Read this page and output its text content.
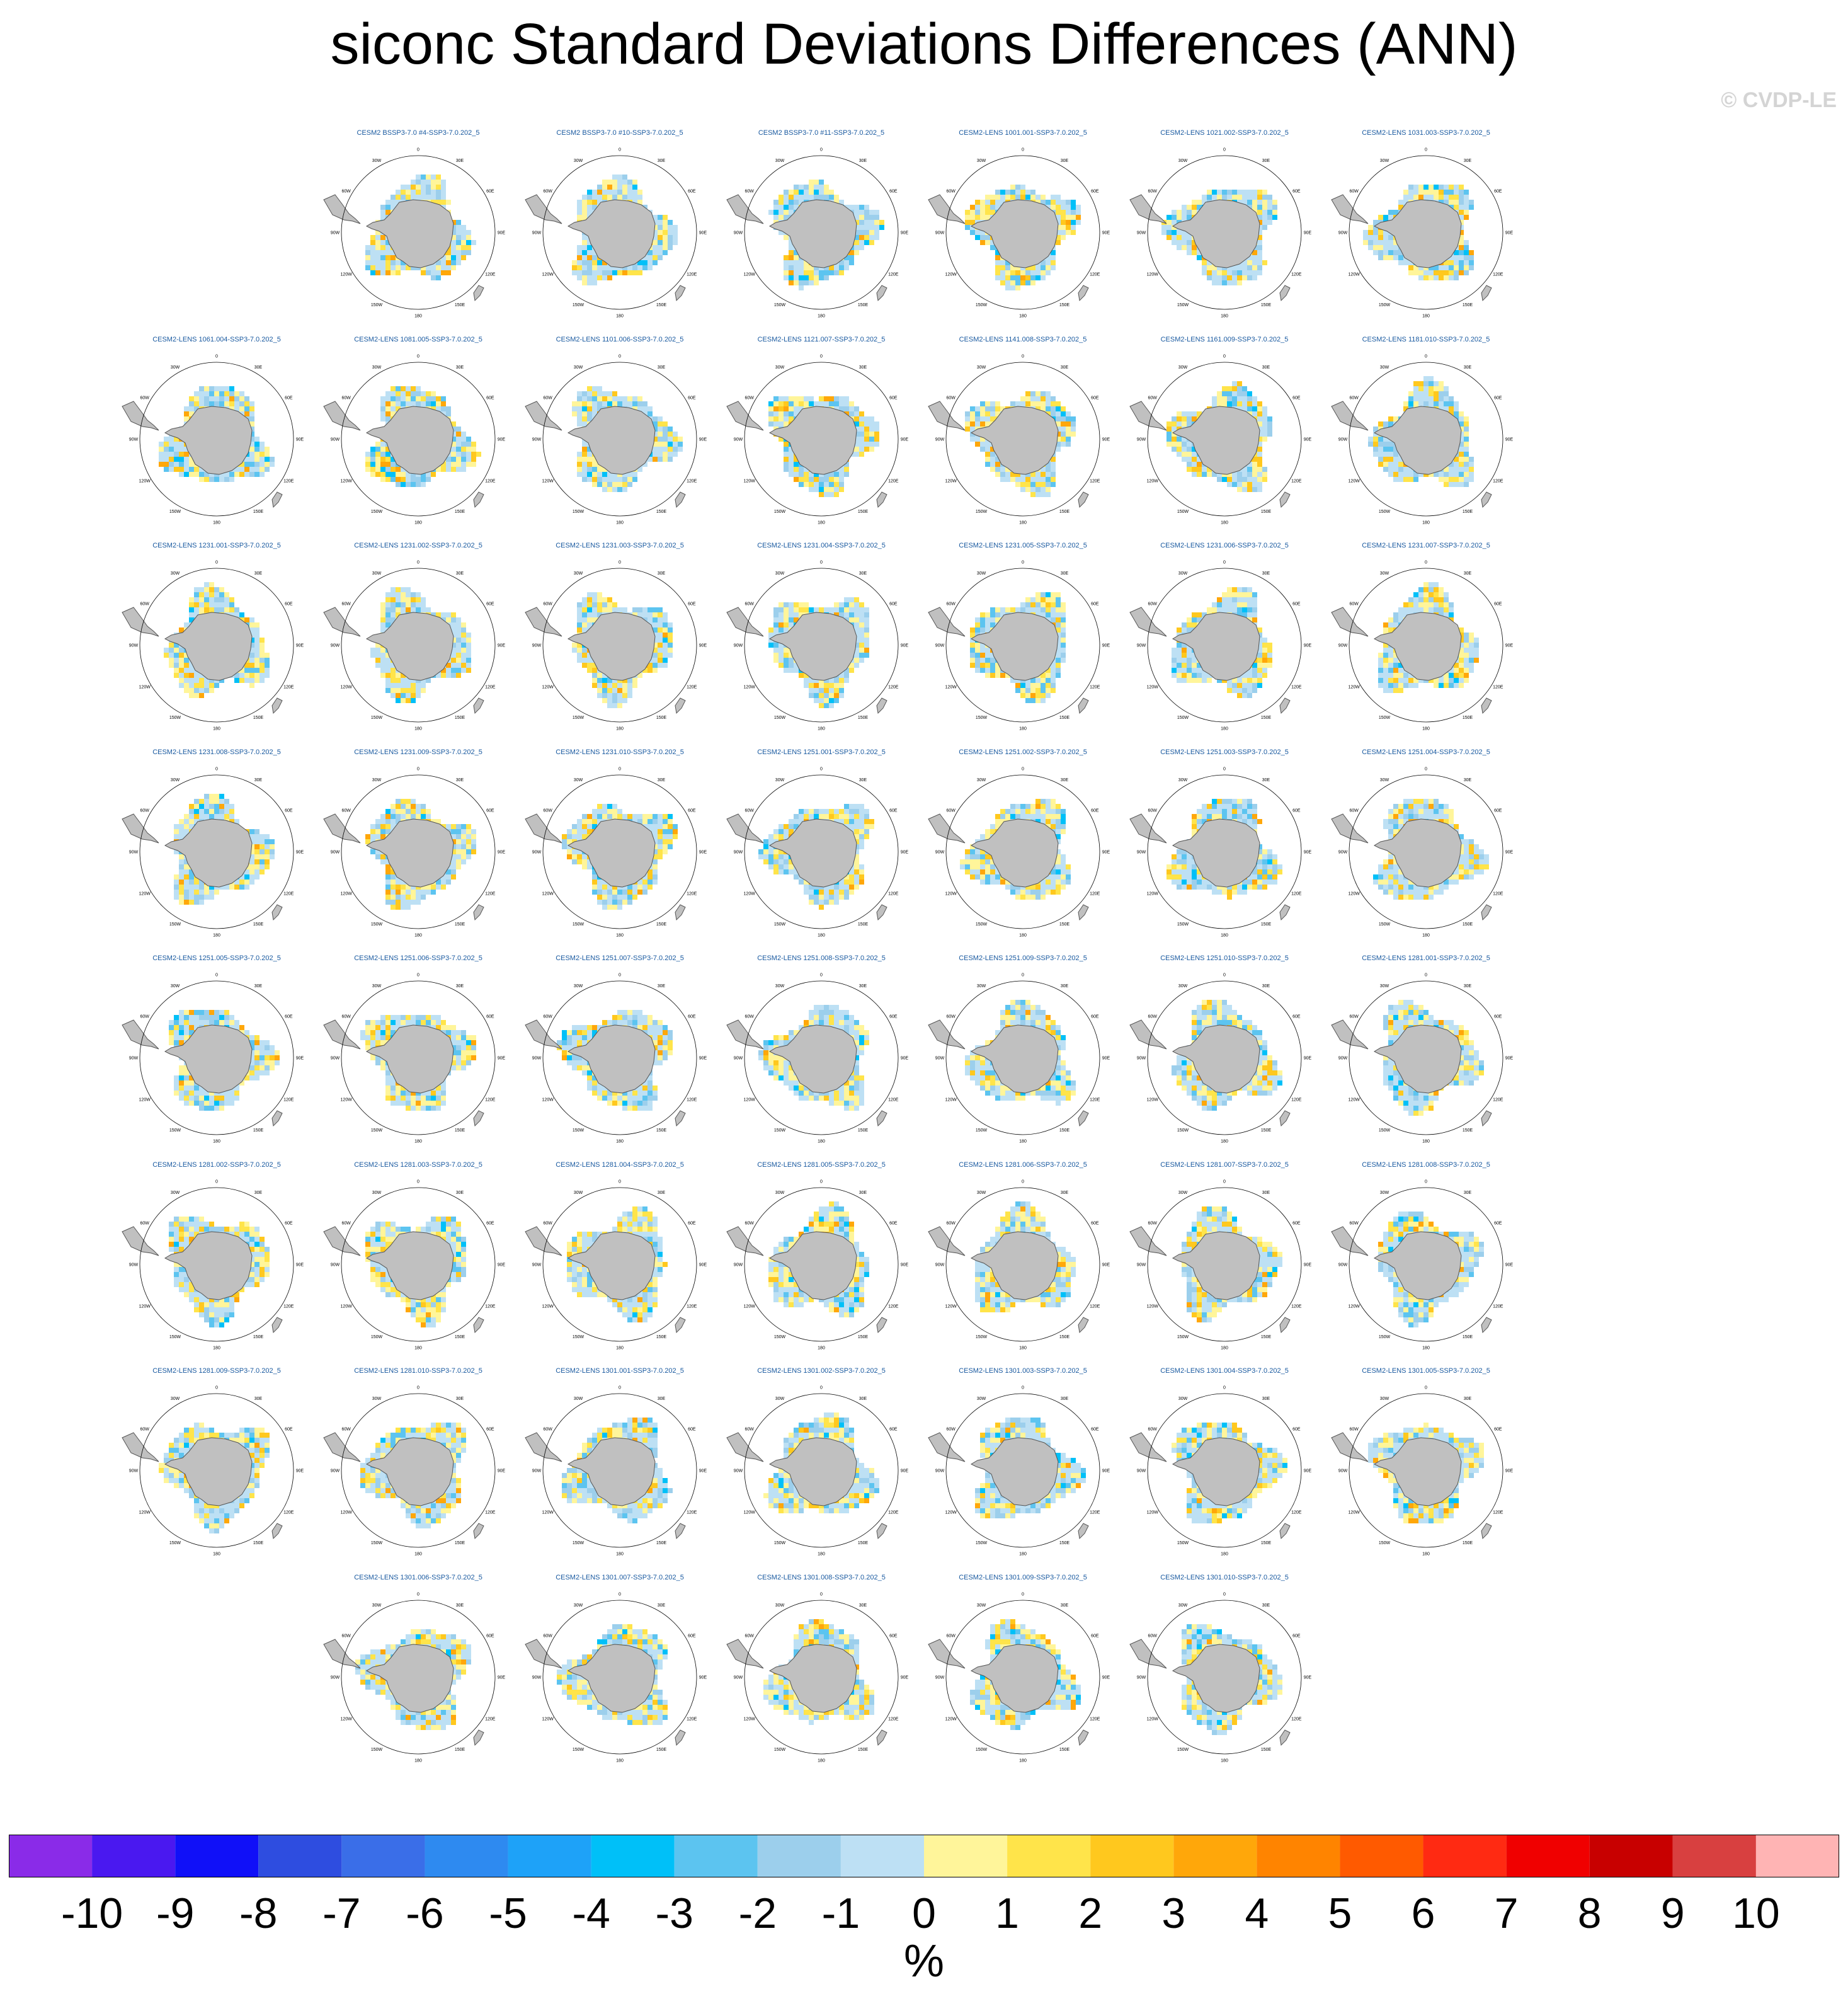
siconc Standard Deviations Differences (ANN)
© CVDP-LE
CESM2 BSSP3-7.0 #4-SSP3-7.0.202_5
0
30E
60E
90E
120E
150E
180
150W
120W
90W
60W
30W
CESM2 BSSP3-7.0 #10-SSP3-7.0.202_5
0
30E
60E
90E
120E
150E
180
150W
120W
90W
60W
30W
CESM2 BSSP3-7.0 #11-SSP3-7.0.202_5
0
30E
60E
90E
120E
150E
180
150W
120W
90W
60W
30W
CESM2-LENS 1001.001-SSP3-7.0.202_5
0
30E
60E
90E
120E
150E
180
150W
120W
90W
60W
30W
CESM2-LENS 1021.002-SSP3-7.0.202_5
0
30E
60E
90E
120E
150E
180
150W
120W
90W
60W
30W
CESM2-LENS 1031.003-SSP3-7.0.202_5
0
30E
60E
90E
120E
150E
180
150W
120W
90W
60W
30W
CESM2-LENS 1061.004-SSP3-7.0.202_5
0
30E
60E
90E
120E
150E
180
150W
120W
90W
60W
30W
CESM2-LENS 1081.005-SSP3-7.0.202_5
0
30E
60E
90E
120E
150E
180
150W
120W
90W
60W
30W
CESM2-LENS 1101.006-SSP3-7.0.202_5
0
30E
60E
90E
120E
150E
180
150W
120W
90W
60W
30W
CESM2-LENS 1121.007-SSP3-7.0.202_5
0
30E
60E
90E
120E
150E
180
150W
120W
90W
60W
30W
CESM2-LENS 1141.008-SSP3-7.0.202_5
0
30E
60E
90E
120E
150E
180
150W
120W
90W
60W
30W
CESM2-LENS 1161.009-SSP3-7.0.202_5
0
30E
60E
90E
120E
150E
180
150W
120W
90W
60W
30W
CESM2-LENS 1181.010-SSP3-7.0.202_5
0
30E
60E
90E
120E
150E
180
150W
120W
90W
60W
30W
CESM2-LENS 1231.001-SSP3-7.0.202_5
0
30E
60E
90E
120E
150E
180
150W
120W
90W
60W
30W
CESM2-LENS 1231.002-SSP3-7.0.202_5
0
30E
60E
90E
120E
150E
180
150W
120W
90W
60W
30W
CESM2-LENS 1231.003-SSP3-7.0.202_5
0
30E
60E
90E
120E
150E
180
150W
120W
90W
60W
30W
CESM2-LENS 1231.004-SSP3-7.0.202_5
0
30E
60E
90E
120E
150E
180
150W
120W
90W
60W
30W
CESM2-LENS 1231.005-SSP3-7.0.202_5
0
30E
60E
90E
120E
150E
180
150W
120W
90W
60W
30W
CESM2-LENS 1231.006-SSP3-7.0.202_5
0
30E
60E
90E
120E
150E
180
150W
120W
90W
60W
30W
CESM2-LENS 1231.007-SSP3-7.0.202_5
0
30E
60E
90E
120E
150E
180
150W
120W
90W
60W
30W
CESM2-LENS 1231.008-SSP3-7.0.202_5
0
30E
60E
90E
120E
150E
180
150W
120W
90W
60W
30W
CESM2-LENS 1231.009-SSP3-7.0.202_5
0
30E
60E
90E
120E
150E
180
150W
120W
90W
60W
30W
CESM2-LENS 1231.010-SSP3-7.0.202_5
0
30E
60E
90E
120E
150E
180
150W
120W
90W
60W
30W
CESM2-LENS 1251.001-SSP3-7.0.202_5
0
30E
60E
90E
120E
150E
180
150W
120W
90W
60W
30W
CESM2-LENS 1251.002-SSP3-7.0.202_5
0
30E
60E
90E
120E
150E
180
150W
120W
90W
60W
30W
CESM2-LENS 1251.003-SSP3-7.0.202_5
0
30E
60E
90E
120E
150E
180
150W
120W
90W
60W
30W
CESM2-LENS 1251.004-SSP3-7.0.202_5
0
30E
60E
90E
120E
150E
180
150W
120W
90W
60W
30W
CESM2-LENS 1251.005-SSP3-7.0.202_5
0
30E
60E
90E
120E
150E
180
150W
120W
90W
60W
30W
CESM2-LENS 1251.006-SSP3-7.0.202_5
0
30E
60E
90E
120E
150E
180
150W
120W
90W
60W
30W
CESM2-LENS 1251.007-SSP3-7.0.202_5
0
30E
60E
90E
120E
150E
180
150W
120W
90W
60W
30W
CESM2-LENS 1251.008-SSP3-7.0.202_5
0
30E
60E
90E
120E
150E
180
150W
120W
90W
60W
30W
CESM2-LENS 1251.009-SSP3-7.0.202_5
0
30E
60E
90E
120E
150E
180
150W
120W
90W
60W
30W
CESM2-LENS 1251.010-SSP3-7.0.202_5
0
30E
60E
90E
120E
150E
180
150W
120W
90W
60W
30W
CESM2-LENS 1281.001-SSP3-7.0.202_5
0
30E
60E
90E
120E
150E
180
150W
120W
90W
60W
30W
CESM2-LENS 1281.002-SSP3-7.0.202_5
0
30E
60E
90E
120E
150E
180
150W
120W
90W
60W
30W
CESM2-LENS 1281.003-SSP3-7.0.202_5
0
30E
60E
90E
120E
150E
180
150W
120W
90W
60W
30W
CESM2-LENS 1281.004-SSP3-7.0.202_5
0
30E
60E
90E
120E
150E
180
150W
120W
90W
60W
30W
CESM2-LENS 1281.005-SSP3-7.0.202_5
0
30E
60E
90E
120E
150E
180
150W
120W
90W
60W
30W
CESM2-LENS 1281.006-SSP3-7.0.202_5
0
30E
60E
90E
120E
150E
180
150W
120W
90W
60W
30W
CESM2-LENS 1281.007-SSP3-7.0.202_5
0
30E
60E
90E
120E
150E
180
150W
120W
90W
60W
30W
CESM2-LENS 1281.008-SSP3-7.0.202_5
0
30E
60E
90E
120E
150E
180
150W
120W
90W
60W
30W
CESM2-LENS 1281.009-SSP3-7.0.202_5
0
30E
60E
90E
120E
150E
180
150W
120W
90W
60W
30W
CESM2-LENS 1281.010-SSP3-7.0.202_5
0
30E
60E
90E
120E
150E
180
150W
120W
90W
60W
30W
CESM2-LENS 1301.001-SSP3-7.0.202_5
0
30E
60E
90E
120E
150E
180
150W
120W
90W
60W
30W
CESM2-LENS 1301.002-SSP3-7.0.202_5
0
30E
60E
90E
120E
150E
180
150W
120W
90W
60W
30W
CESM2-LENS 1301.003-SSP3-7.0.202_5
0
30E
60E
90E
120E
150E
180
150W
120W
90W
60W
30W
CESM2-LENS 1301.004-SSP3-7.0.202_5
0
30E
60E
90E
120E
150E
180
150W
120W
90W
60W
30W
CESM2-LENS 1301.005-SSP3-7.0.202_5
0
30E
60E
90E
120E
150E
180
150W
120W
90W
60W
30W
CESM2-LENS 1301.006-SSP3-7.0.202_5
0
30E
60E
90E
120E
150E
180
150W
120W
90W
60W
30W
CESM2-LENS 1301.007-SSP3-7.0.202_5
0
30E
60E
90E
120E
150E
180
150W
120W
90W
60W
30W
CESM2-LENS 1301.008-SSP3-7.0.202_5
0
30E
60E
90E
120E
150E
180
150W
120W
90W
60W
30W
CESM2-LENS 1301.009-SSP3-7.0.202_5
0
30E
60E
90E
120E
150E
180
150W
120W
90W
60W
30W
CESM2-LENS 1301.010-SSP3-7.0.202_5
0
30E
60E
90E
120E
150E
180
150W
120W
90W
60W
30W
-10 -9 -8 -7 -6 -5 -4 -3 -2 -1 0 1 2 3 4 5 6 7 8 9 10
%
